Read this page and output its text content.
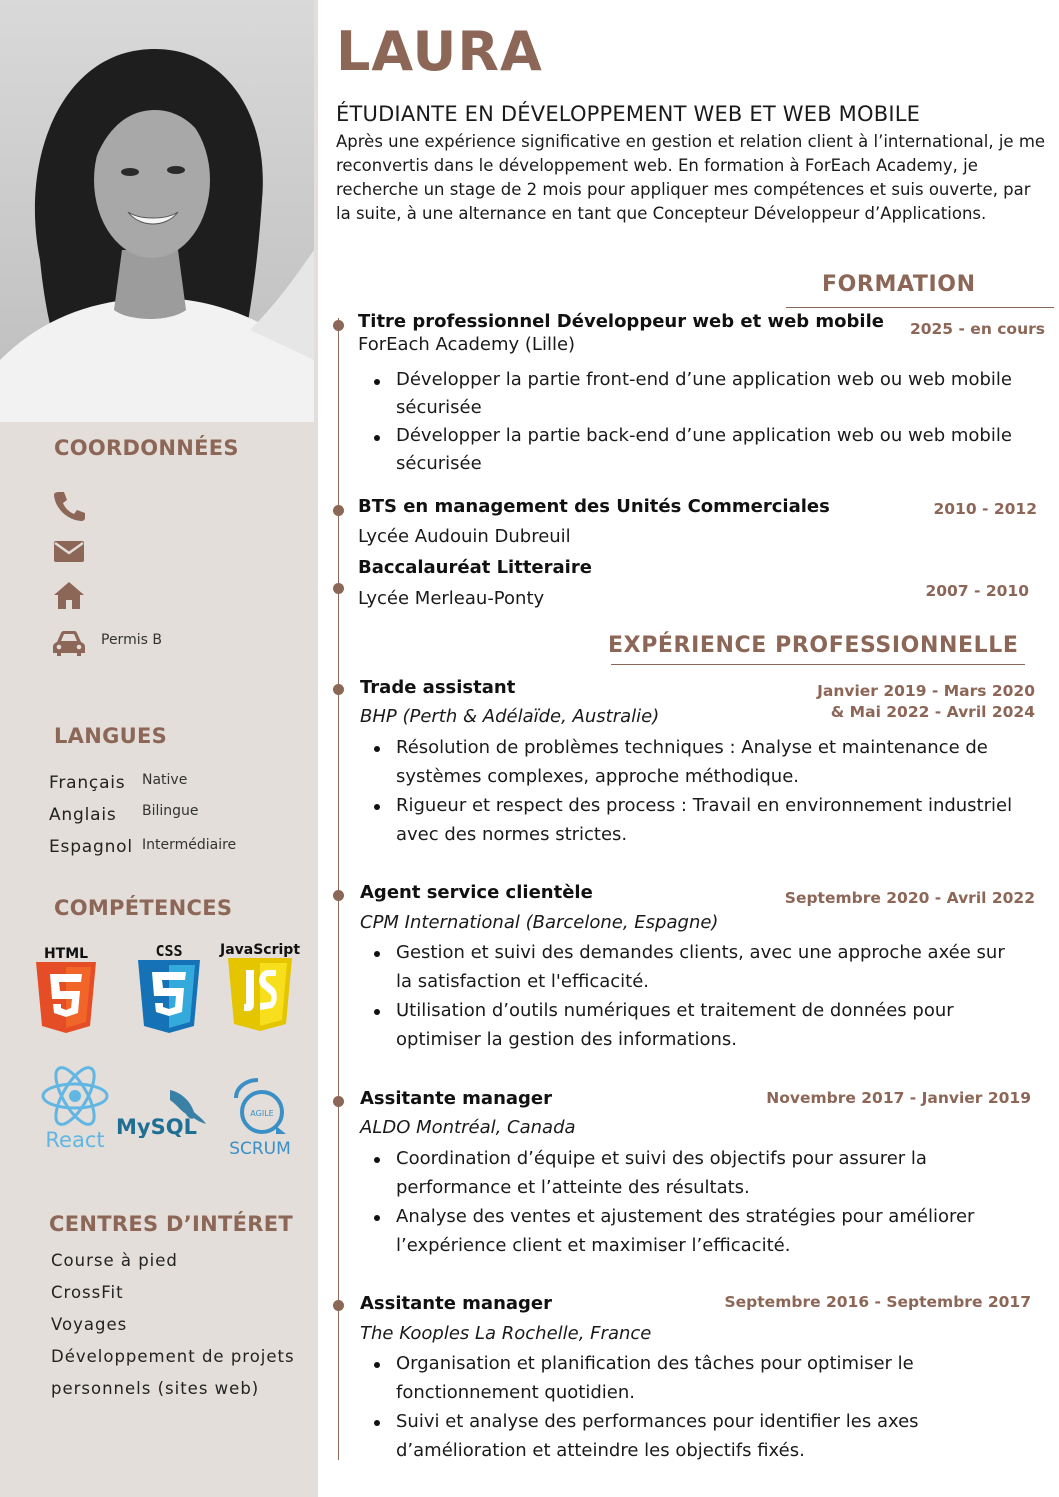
COORDONNÉES
Permis B
LANGUES
Français Native
Anglais Bilingue
Espagnol Intermédiaire
COMPÉTENCES
HTML	CSS	JavaScript
React
MySQL
AGILE
SCRUM
CENTRES D’INTÉRET
Course à pied
CrossFit
Voyages
Développement de projets
personnels (sites web)
LAURA
ÉTUDIANTE EN DÉVELOPPEMENT WEB ET WEB MOBILE
Après une expérience significative en gestion et relation client à l’international, je me reconvertis dans le développement web. En formation à ForEach Academy, je recherche un stage de 2 mois pour appliquer mes compétences et suis ouverte, par la suite, à une alternance en tant que Concepteur Développeur d’Applications.
FORMATION
Titre professionnel Développeur web et web mobile 2025 - en cours
ForEach Academy (Lille)
Développer la partie front-end d’une application web ou web mobile sécurisée
Développer la partie back-end d’une application web ou web mobile sécurisée
BTS en management des Unités Commerciales	2010 - 2012
Lycée Audouin Dubreuil
Baccalauréat Litteraire
2007 - 2010
Lycée Merleau-Ponty
EXPÉRIENCE PROFESSIONNELLE
Trade assistant	Janvier 2019 - Mars 2020
& Mai 2022 - Avril 2024
BHP (Perth & Adélaïde, Australie)
Résolution de problèmes techniques : Analyse et maintenance de systèmes complexes, approche méthodique.
Rigueur et respect des process : Travail en environnement industriel avec des normes strictes.
Agent service clientèle	Septembre 2020 - Avril 2022
CPM International (Barcelone, Espagne)
Gestion et suivi des demandes clients, avec une approche axée sur la satisfaction et l'efficacité.
Utilisation d’outils numériques et traitement de données pour optimiser la gestion des informations.
Assitante manager	Novembre 2017 - Janvier 2019
ALDO Montréal, Canada
Coordination d’équipe et suivi des objectifs pour assurer la performance et l’atteinte des résultats.
Analyse des ventes et ajustement des stratégies pour améliorer l’expérience client et maximiser l’efficacité.
Assitante manager	Septembre 2016 - Septembre 2017
The Kooples La Rochelle, France
Organisation et planification des tâches pour optimiser le fonctionnement quotidien.
Suivi et analyse des performances pour identifier les axes d’amélioration et atteindre les objectifs fixés.
